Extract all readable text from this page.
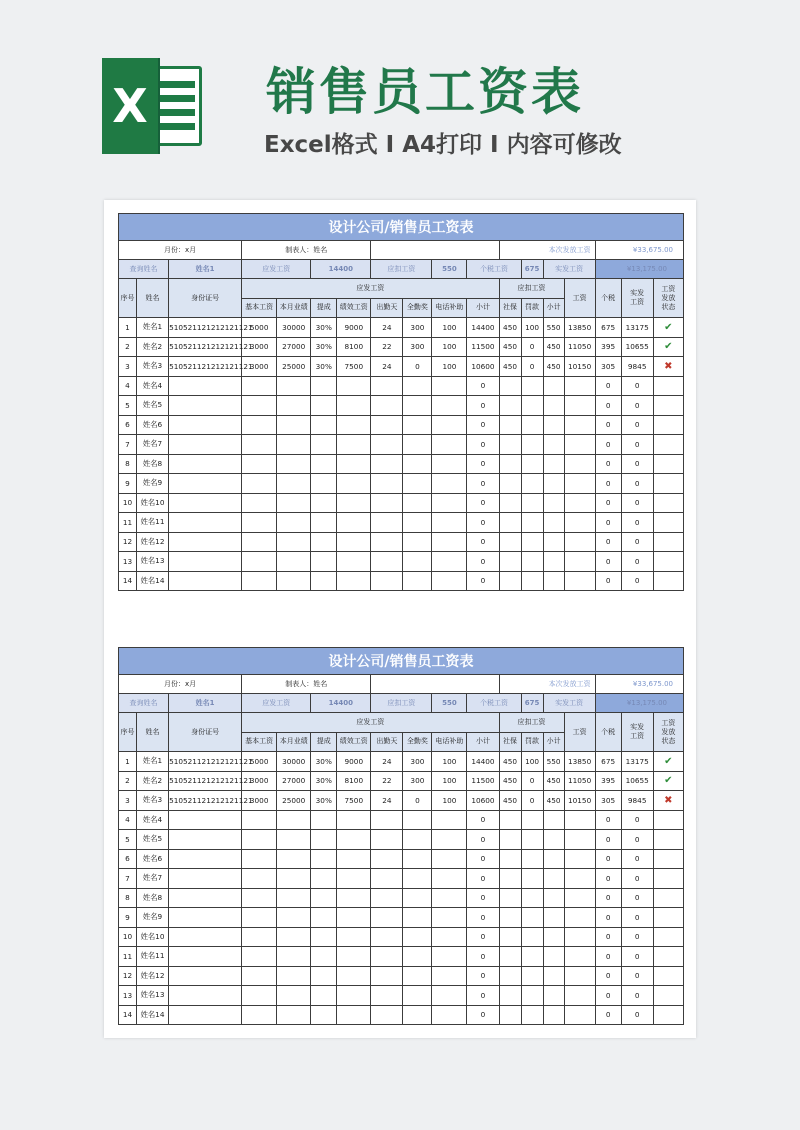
X 销售员工资表
Excel格式 I A4打印 I 内容可修改
设计公司/销售员工资表																	
月份：x月			制表人：姓名								本次发放工资				¥33,675.00		
查询姓名		姓名1	应发工资		14400		应扣工资		550	个税工资		675	实发工资		¥13,175.00		
序号	姓名	身份证号	应发工资								应扣工资			工资	个税	实发工资	工资发放状态
			基本工资	本月业绩	提成	绩效工资	出勤天	全勤奖	电话补助	小计	社保	罚款	小计				
1	姓名1	510521121212121121	5000	30000	30%	9000	24	300	100	14400	450	100	550	13850	675	13175	✔
2	姓名2	510521121212121121	3000	27000	30%	8100	22	300	100	11500	450	0	450	11050	395	10655	✔
3	姓名3	510521121212121121	3000	25000	30%	7500	24	0	100	10600	450	0	450	10150	305	9845	✖
4	姓名4									0					0	0	
5	姓名5									0					0	0	
6	姓名6									0					0	0	
7	姓名7									0					0	0	
8	姓名8									0					0	0	
9	姓名9									0					0	0	
10	姓名10									0					0	0	
11	姓名11									0					0	0	
12	姓名12									0					0	0	
13	姓名13									0					0	0	
14	姓名14									0					0	0	
设计公司/销售员工资表																	
月份：x月			制表人：姓名								本次发放工资				¥33,675.00		
查询姓名		姓名1	应发工资		14400		应扣工资		550	个税工资		675	实发工资		¥13,175.00		
序号	姓名	身份证号	应发工资								应扣工资			工资	个税	实发工资	工资发放状态
			基本工资	本月业绩	提成	绩效工资	出勤天	全勤奖	电话补助	小计	社保	罚款	小计				
1	姓名1	510521121212121121	5000	30000	30%	9000	24	300	100	14400	450	100	550	13850	675	13175	✔
2	姓名2	510521121212121121	3000	27000	30%	8100	22	300	100	11500	450	0	450	11050	395	10655	✔
3	姓名3	510521121212121121	3000	25000	30%	7500	24	0	100	10600	450	0	450	10150	305	9845	✖
4	姓名4									0					0	0	
5	姓名5									0					0	0	
6	姓名6									0					0	0	
7	姓名7									0					0	0	
8	姓名8									0					0	0	
9	姓名9									0					0	0	
10	姓名10									0					0	0	
11	姓名11									0					0	0	
12	姓名12									0					0	0	
13	姓名13									0					0	0	
14	姓名14									0					0	0	
